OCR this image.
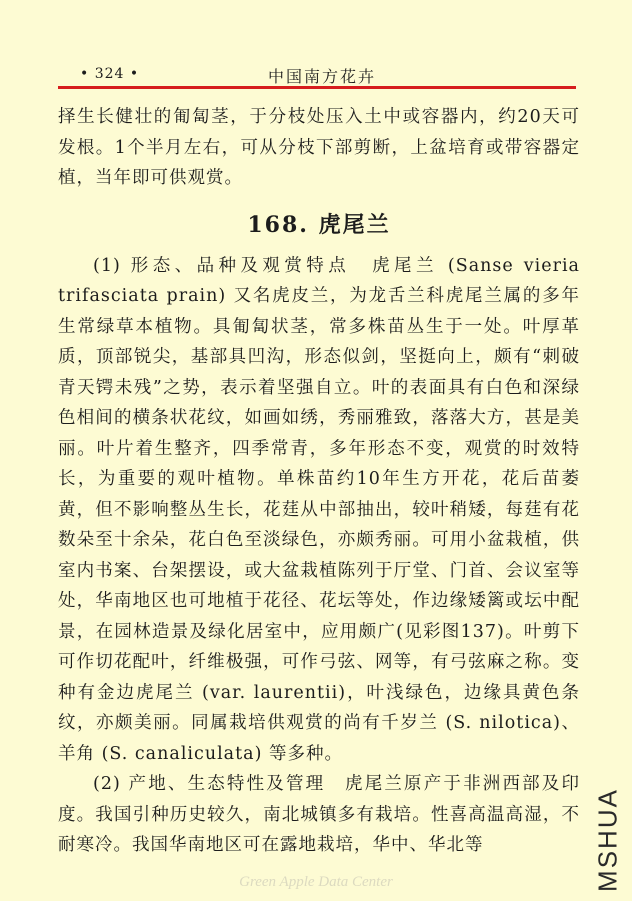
• 324 •	中国南方花卉

择生长健壮的匍匐茎，于分枝处压入土中或容器内，约20天可发根。1个半月左右，可从分枝下部剪断，上盆培育或带容器定植，当年即可供观赏。

168. 虎尾兰

(1) 形态、品种及观赏特点　虎尾兰 (Sanse vieria trifasciata prain) 又名虎皮兰，为龙舌兰科虎尾兰属的多年生常绿草本植物。具匍匐状茎，常多株苗丛生于一处。叶厚革质，顶部锐尖，基部具凹沟，形态似剑，坚挺向上，颇有“刺破青天锷未残”之势，表示着坚强自立。叶的表面具有白色和深绿色相间的横条状花纹，如画如绣，秀丽雅致，落落大方，甚是美丽。叶片着生整齐，四季常青，多年形态不变，观赏的时效特长，为重要的观叶植物。单株苗约10年生方开花，花后苗萎黄，但不影响整丛生长，花莛从中部抽出，较叶稍矮，每莛有花数朵至十余朵，花白色至淡绿色，亦颇秀丽。可用小盆栽植，供室内书案、台架摆设，或大盆栽植陈列于厅堂、门首、会议室等处，华南地区也可地植于花径、花坛等处，作边缘矮篱或坛中配景，在园林造景及绿化居室中，应用颇广(见彩图137)。叶剪下可作切花配叶，纤维极强，可作弓弦、网等，有弓弦麻之称。变种有金边虎尾兰 (var. laurentii)，叶浅绿色，边缘具黄色条纹，亦颇美丽。同属栽培供观赏的尚有千岁兰 (S. nilotica)、羊角 (S. canaliculata) 等多种。

(2) 产地、生态特性及管理　虎尾兰原产于非洲西部及印度。我国引种历史较久，南北城镇多有栽培。性喜高温高湿，不耐寒冷。我国华南地区可在露地栽培，华中、华北等	MSHUA
Green Apple Data Center
